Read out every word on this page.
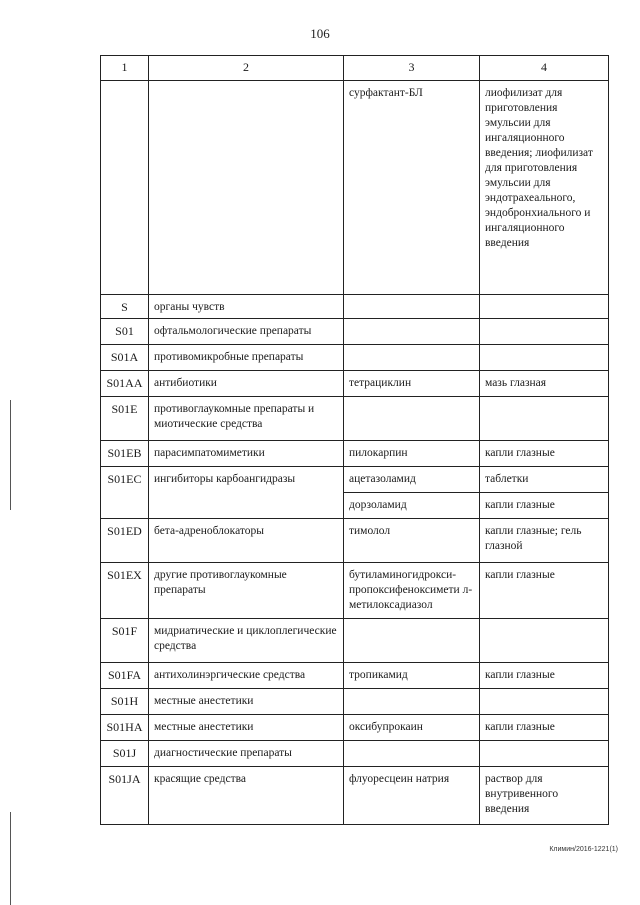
106
1	2	3	4
		сурфактант-БЛ	лиофилизат для приготовления эмульсии для ингаляционного введения; лиофилизат для приготовления эмульсии для эндотрахеального, эндобронхиального и ингаляционного введения
S	органы чувств		
S01	офтальмологические препараты		
S01A	противомикробные препараты		
S01AA	антибиотики	тетрациклин	мазь глазная
S01E	противоглаукомные препараты и миотические средства		
S01EB	парасимпатомиметики	пилокарпин	капли глазные
S01EC	ингибиторы карбоангидразы	ацетазоламид	таблетки
		дорзоламид	капли глазные
S01ED	бета-адреноблокаторы	тимолол	капли глазные; гель глазной
S01EX	другие противоглаукомные препараты	бутиламиногидрокси-пропоксифеноксимети л-метилоксадиазол	капли глазные
S01F	мидриатические и циклоплегические средства		
S01FA	антихолинэргические средства	тропикамид	капли глазные
S01H	местные анестетики		
S01HA	местные анестетики	оксибупрокаин	капли глазные
S01J	диагностические препараты		
S01JA	красящие средства	флуоресцеин натрия	раствор для внутривенного введения
Климин/2016-1221(1)
